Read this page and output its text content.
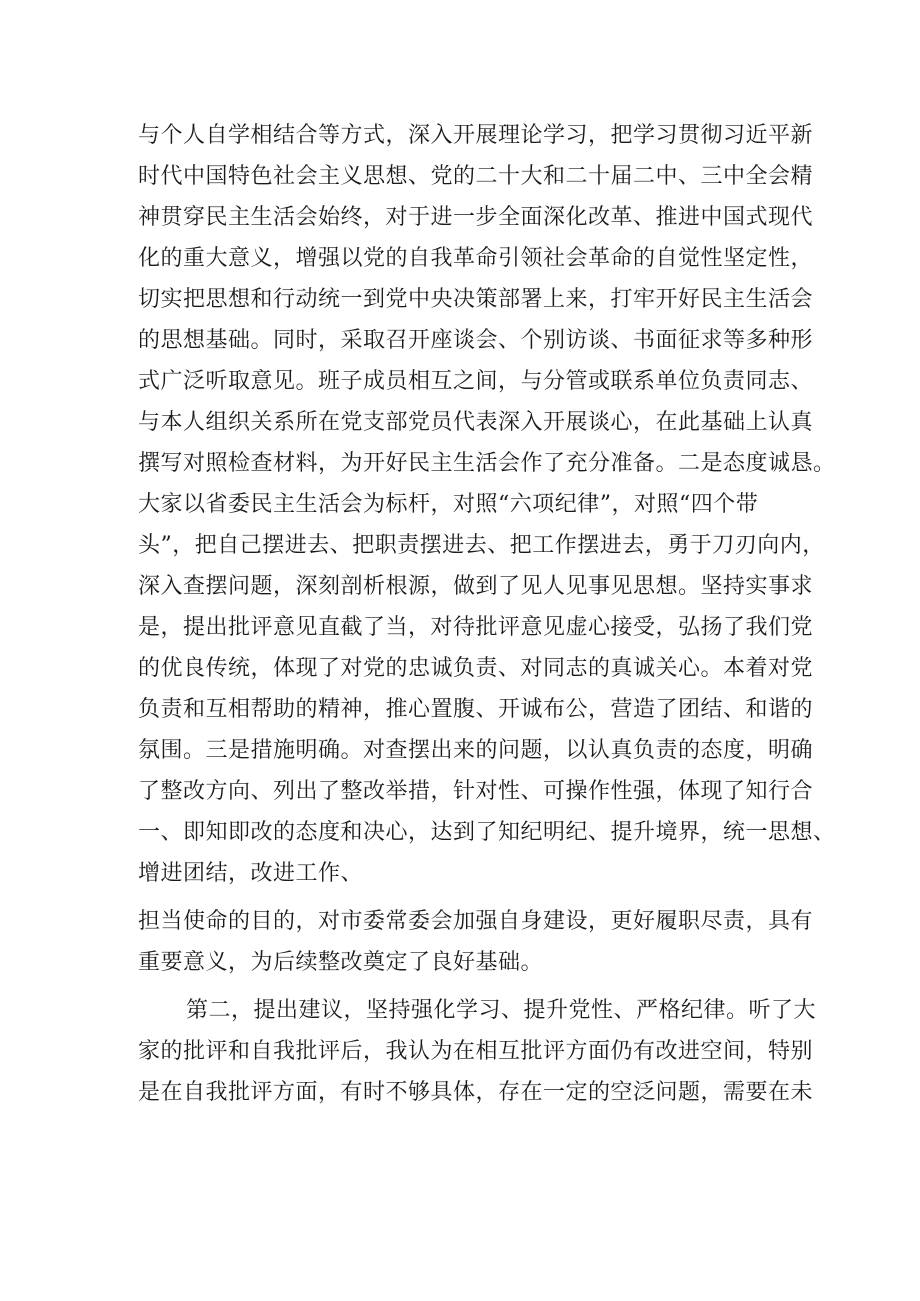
与个人自学相结合等方式，深入开展理论学习，把学习贯彻习近平新
时代中国特色社会主义思想、党的二十大和二十届二中、三中全会精
神贯穿民主生活会始终，对于进一步全面深化改革、推进中国式现代
化的重大意义，增强以党的自我革命引领社会革命的自觉性坚定性，
切实把思想和行动统一到党中央决策部署上来，打牢开好民主生活会
的思想基础。同时，采取召开座谈会、个别访谈、书面征求等多种形
式广泛听取意见。班子成员相互之间，与分管或联系单位负责同志、
与本人组织关系所在党支部党员代表深入开展谈心，在此基础上认真
撰写对照检查材料，为开好民主生活会作了充分准备。二是态度诚恳。
大家以省委民主生活会为标杆，对照“六项纪律”，对照“四个带
头”，把自己摆进去、把职责摆进去、把工作摆进去，勇于刀刃向内，
深入查摆问题，深刻剖析根源，做到了见人见事见思想。坚持实事求
是，提出批评意见直截了当，对待批评意见虚心接受，弘扬了我们党
的优良传统，体现了对党的忠诚负责、对同志的真诚关心。本着对党
负责和互相帮助的精神，推心置腹、开诚布公，营造了团结、和谐的
氛围。三是措施明确。对查摆出来的问题，以认真负责的态度，明确
了整改方向、列出了整改举措，针对性、可操作性强，体现了知行合
一、即知即改的态度和决心，达到了知纪明纪、提升境界，统一思想、
增进团结，改进工作、
担当使命的目的，对市委常委会加强自身建设，更好履职尽责，具有
重要意义，为后续整改奠定了良好基础。
第二，提出建议，坚持强化学习、提升党性、严格纪律。听了大
家的批评和自我批评后，我认为在相互批评方面仍有改进空间，特别
是在自我批评方面，有时不够具体，存在一定的空泛问题，需要在未
